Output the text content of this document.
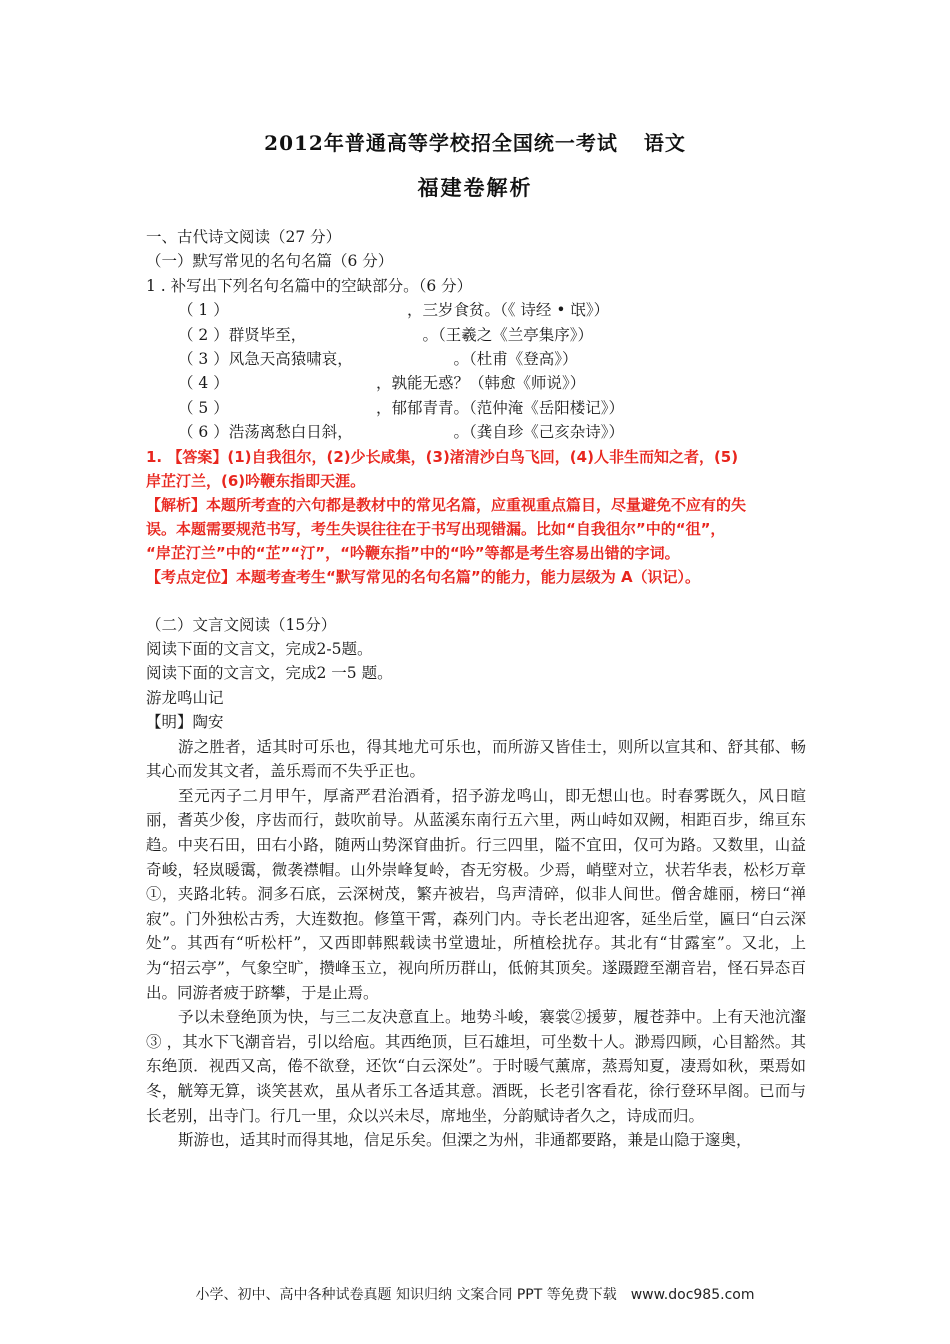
2012年普通高等学校招全国统一考试 语文
福建卷解析
一、古代诗文阅读（27 分）
（一）默写常见的名句名篇（6 分）
1 . 补写出下列名句名篇中的空缺部分。（6 分）
（ 1 ）　　　　　　　　　　　　，三岁食贫。（《 诗经 • 氓》）
（ 2 ）群贤毕至，　　　　　　　　。（王羲之《兰亭集序》）
（ 3 ）风急天高猿啸哀，　　　　　　　。（杜甫《登高》）
（ 4 ）　　　　　　　　　　，孰能无惑？（韩愈《师说》）
（ 5 ）　　　　　　　　　　，郁郁青青。（范仲淹《岳阳楼记》）
（ 6 ）浩荡离愁白日斜，　　　　　　　。（龚自珍《己亥杂诗》）
1. 【答案】(1)自我徂尔，(2)少长咸集，(3)渚清沙白鸟飞回，(4)人非生而知之者，(5)
岸芷汀兰，(6)吟鞭东指即天涯。
【解析】本题所考查的六句都是教材中的常见名篇，应重视重点篇目，尽量避免不应有的失
误。本题需要规范书写，考生失误往往在于书写出现错漏。比如“自我徂尔”中的“徂”，
“岸芷汀兰”中的“芷”“汀”，“吟鞭东指”中的“吟”等都是考生容易出错的字词。
【考点定位】本题考查考生“默写常见的名句名篇”的能力，能力层级为 A（识记）。
（二）文言文阅读（15分）
阅读下面的文言文，完成2-5题。
阅读下面的文言文，完成2 一5 题。
游龙鸣山记
【明】陶安
游之胜者，适其时可乐也，得其地尤可乐也，而所游又皆佳士，则所以宣其和、舒其郁、畅其心而发其文者，盖乐焉而不失乎正也。
至元丙子二月甲午，厚斋严君治酒肴，招予游龙鸣山，即无想山也。时春雾既久，风日暄丽，耆英少俊，序齿而行，鼓吹前导。从蓝溪东南行五六里，两山峙如双阙，相距百步，绵亘东趋。中夹石田，田右小路，随两山势深窅曲折。行三四里，隘不宜田，仅可为路。又数里，山益奇峻，轻岚暖霭，微袭襟帽。山外崇峰复岭，杳无穷极。少焉，峭壁对立，状若华表，松杉万章①，夹路北转。洞多石底，云深树茂，繁卉被岩，鸟声清碎，似非人间世。僧舍雄丽，榜曰“禅寂”。门外独松古秀，大连数抱。修篁干霄，森列门内。寺长老出迎客，延坐后堂，匾曰“白云深处”。其西有“听松杆”，又西即韩熙载读书堂遗址，所植桧扰存。其北有“甘露室”。又北，上为“招云亭”，气象空旷，攒峰玉立，视向所历群山，低俯其顶矣。遂蹑蹬至潮音岩，怪石异态百出。同游者疲于跻攀，于是止焉。
予以未登绝顶为快，与三二友决意直上。地势斗峻，褰裳②援萝，履苍莽中。上有天池沆瀣③ ，其水下飞潮音岩，引以给庖。其西绝顶，巨石雄坦，可坐数十人。渺焉四顾，心目豁然。其东绝顶．视西又高，倦不欲登，还饮“白云深处”。于时暖气薰席，蒸焉知夏，凄焉如秋，栗焉如冬，觥筹无算，谈笑甚欢，虽从者乐工各适其意。酒既，长老引客看花，徐行登环早阁。已而与长老别，出寺门。行几一里，众以兴未尽，席地坐，分韵赋诗者久之，诗成而归。
斯游也，适其时而得其地，信足乐矣。但溧之为州，非通都要路，兼是山隐于邃奥，
小学、初中、高中各种试卷真题 知识归纳 文案合同 PPT 等免费下载　www.doc985.com
